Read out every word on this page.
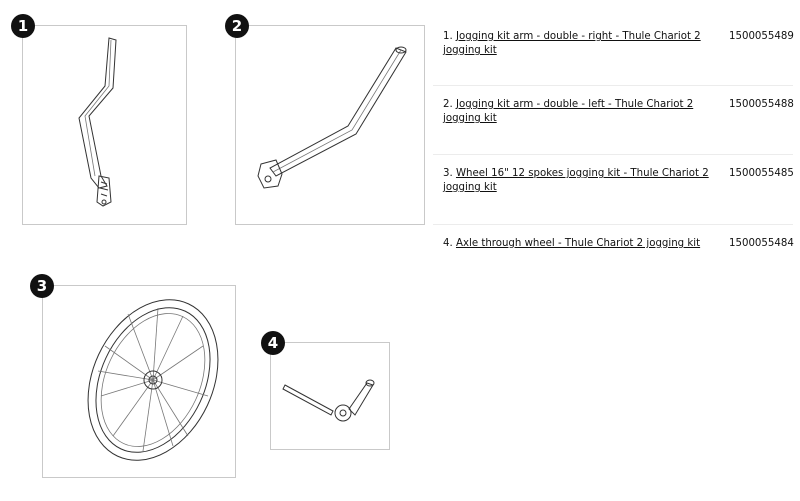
1	2
3
4
1. Jogging kit arm - double - right - Thule Chariot 2 jogging kit
1500055489
2. Jogging kit arm - double - left - Thule Chariot 2 jogging kit
1500055488
3. Wheel 16" 12 spokes jogging kit - Thule Chariot 2 jogging kit
1500055485
4. Axle through wheel - Thule Chariot 2 jogging kit	1500055484
